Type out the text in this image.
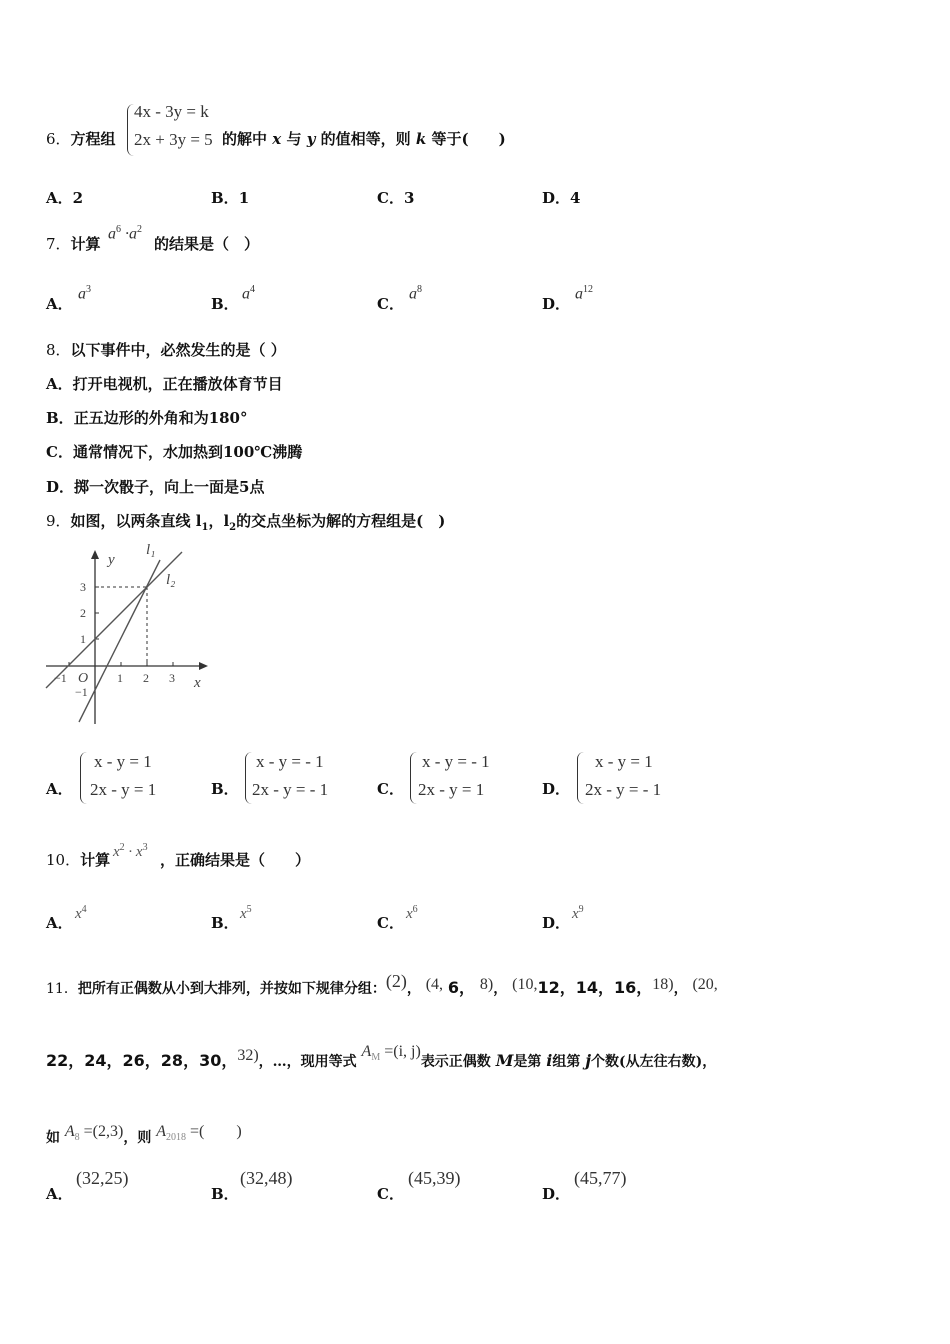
6．方程组
4x - 3y = k
2x + 3y = 5 的解中 x 与 y 的值相等，则 k 等于(　　)
A．2	B．1	C．3	D．4
7．计算
$a^6 \cdot a^2$
的结果是（　）
A．
$a^3$
B．
$a^4$
C．
$a^8$
D．
$a^{12}$
8．以下事件中，必然发生的是（ ）
A．打开电视机，正在播放体育节目
B．正五边形的外角和为180°
C．通常情况下，水加热到100℃沸腾
D．掷一次骰子，向上一面是5点
9．如图，以两条直线 $l_1$，$l_2$的交点坐标为解的方程组是(　)
y
x
l₁
l₂
O
−1	1 2 3
3
2
1
−1
A．
x - y = 1
2x - y = 1	B．
x - y = - 1
2x - y = - 1	C．
x - y = - 1
2x - y = 1	D．
x - y = 1
2x - y = - 1
10．计算 $x^2 \cdot x^3$
，正确结果是（　　）
A． $x^4$
B． $x^5$
C． $x^6$
D． $x^9$
11．把所有正偶数从小到大排列，并按如下规律分组：(2)， (4, 6， 8)， (10,12，14，16，18)， (20,
22，24，26，28，30，32)，…，现用等式 $A_M =(i$, j)表示正偶数 M是第 i组第 j个数(从左往右数)，
如 $A_8 =(2,3)$，则 $A_{2018}$ =(　　)
A．
(32,25)
B．
(32,48)
C．
(45,39)
D．
(45,77)
